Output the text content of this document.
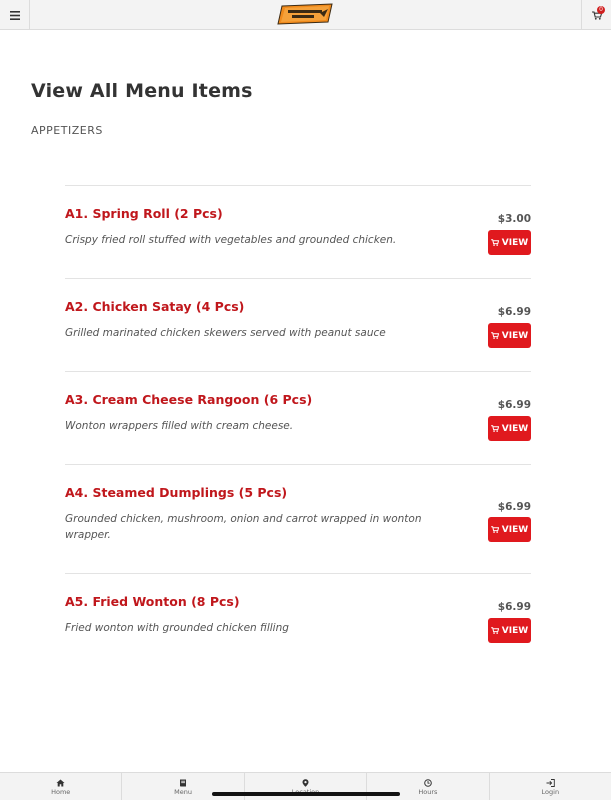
0
View All Menu Items
APPETIZERS
A1. Spring Roll (2 Pcs)
Crispy fried roll stuffed with vegetables and grounded chicken.
$3.00
VIEW
A2. Chicken Satay (4 Pcs)
Grilled marinated chicken skewers served with peanut sauce
$6.99
VIEW
A3. Cream Cheese Rangoon (6 Pcs)
Wonton wrappers filled with cream cheese.
$6.99
VIEW
A4. Steamed Dumplings (5 Pcs)
Grounded chicken, mushroom, onion and carrot wrapped in wonton wrapper.
$6.99
VIEW
A5. Fried Wonton (8 Pcs)
Fried wonton with grounded chicken filling
$6.99
VIEW
Home	Menu	Hours	Login
